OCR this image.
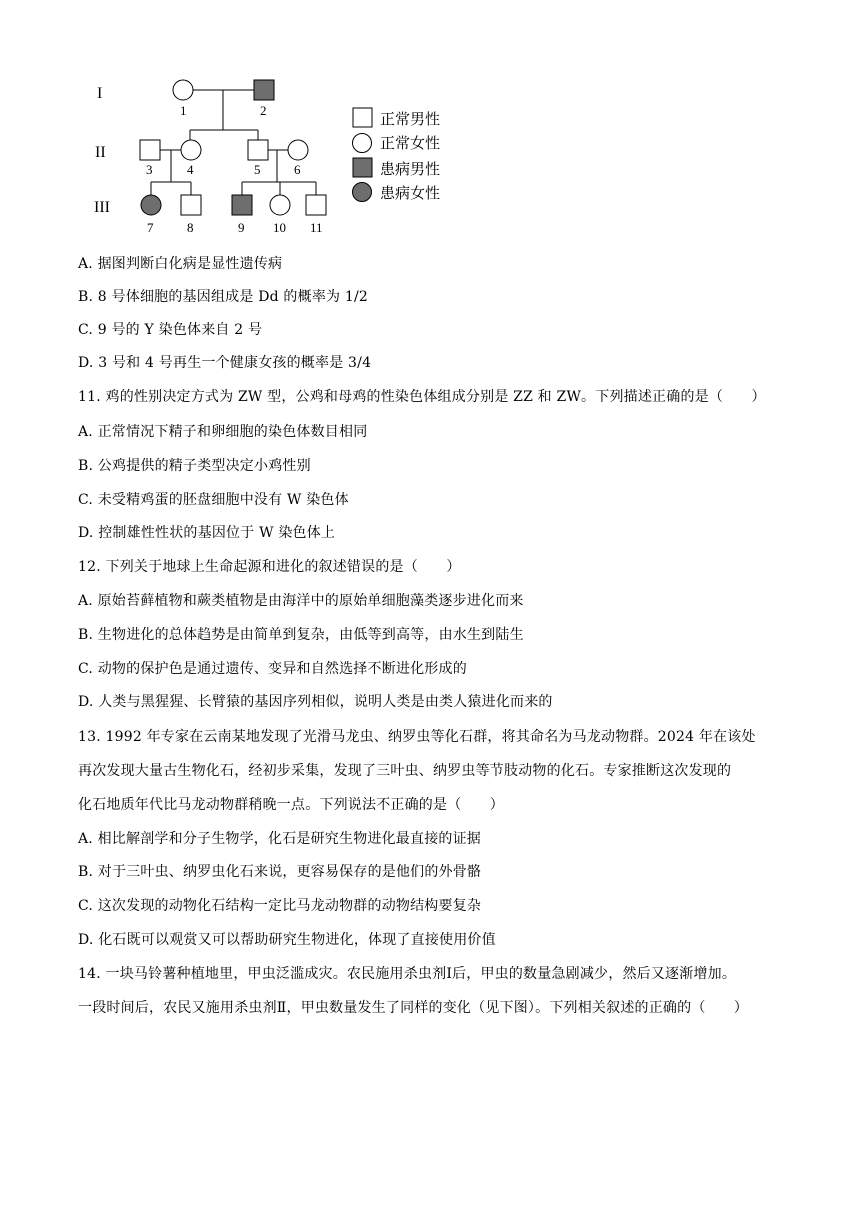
I
II
III
1	2
3	4	5	6
7	8	9 10 11
正常男性
正常女性
患病男性
患病女性
A. 据图判断白化病是显性遗传病
B. 8 号体细胞的基因组成是 Dd 的概率为 1/2
C. 9 号的 Y 染色体来自 2 号
D. 3 号和 4 号再生一个健康女孩的概率是 3/4
11. 鸡的性别决定方式为 ZW 型，公鸡和母鸡的性染色体组成分别是 ZZ 和 ZW。下列描述正确的是（　　）
A. 正常情况下精子和卵细胞的染色体数目相同
B. 公鸡提供的精子类型决定小鸡性别
C. 未受精鸡蛋的胚盘细胞中没有 W 染色体
D. 控制雄性性状的基因位于 W 染色体上
12. 下列关于地球上生命起源和进化的叙述错误的是（　　）
A. 原始苔藓植物和蕨类植物是由海洋中的原始单细胞藻类逐步进化而来
B. 生物进化的总体趋势是由简单到复杂，由低等到高等，由水生到陆生
C. 动物的保护色是通过遗传、变异和自然选择不断进化形成的
D. 人类与黑猩猩、长臂猿的基因序列相似，说明人类是由类人猿进化而来的
13. 1992 年专家在云南某地发现了光滑马龙虫、纳罗虫等化石群，将其命名为马龙动物群。2024 年在该处
再次发现大量古生物化石，经初步采集，发现了三叶虫、纳罗虫等节肢动物的化石。专家推断这次发现的
化石地质年代比马龙动物群稍晚一点。下列说法不正确的是（　　）
A. 相比解剖学和分子生物学，化石是研究生物进化最直接的证据
B. 对于三叶虫、纳罗虫化石来说，更容易保存的是他们的外骨骼
C. 这次发现的动物化石结构一定比马龙动物群的动物结构要复杂
D. 化石既可以观赏又可以帮助研究生物进化，体现了直接使用价值
14. 一块马铃薯种植地里，甲虫泛滥成灾。农民施用杀虫剂Ⅰ后，甲虫的数量急剧减少，然后又逐渐增加。
一段时间后，农民又施用杀虫剂Ⅱ，甲虫数量发生了同样的变化（见下图）。下列相关叙述的正确的（　　）
